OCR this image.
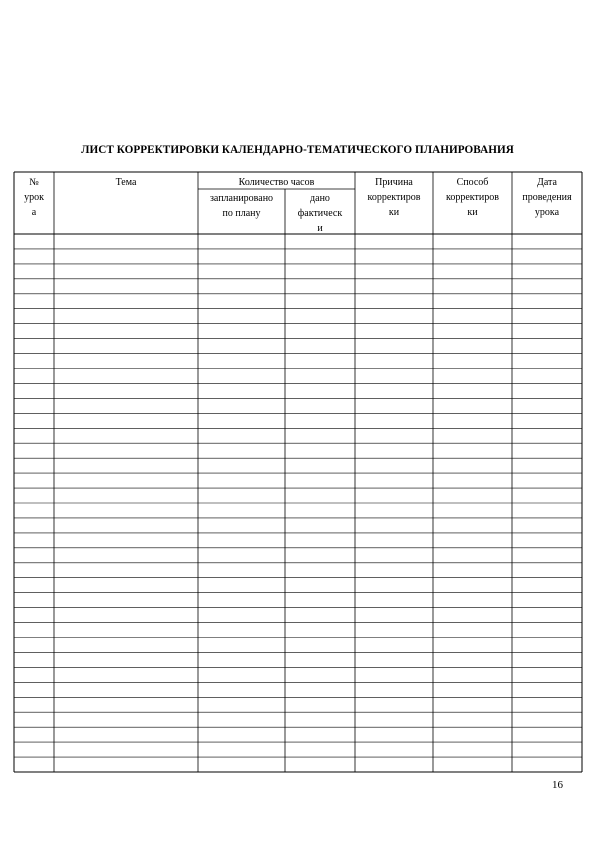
ЛИСТ КОРРЕКТИРОВКИ КАЛЕНДАРНО-ТЕМАТИЧЕСКОГО ПЛАНИРОВАНИЯ
№
урок
а
Тема	Количество часов
запланировано
по плану
дано
фактическ
и
Причина
корректиров
ки
Способ
корректиров
ки
Дата
проведения
урока
16
